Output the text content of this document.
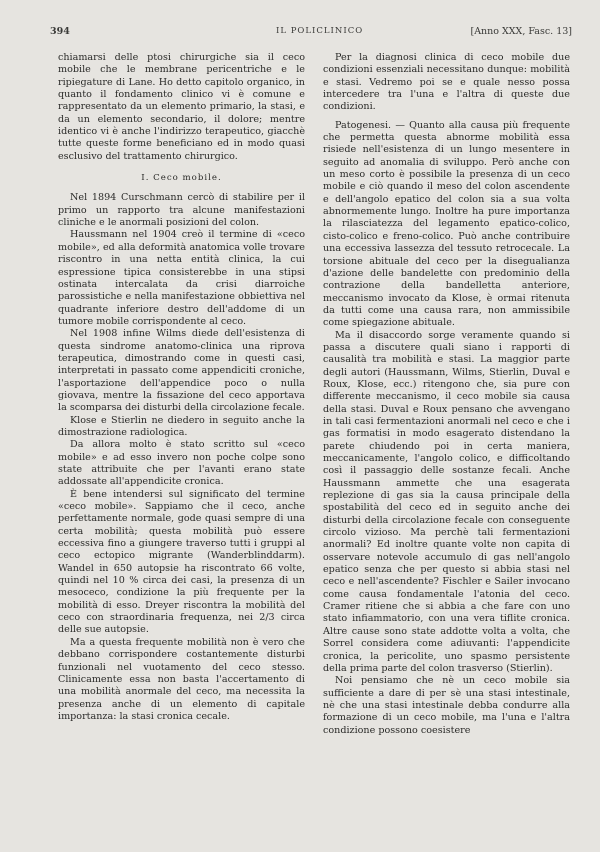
394	IL POLICLINICO	[Anno XXX, Fasc. 13]

chiamarsi delle ptosi chirurgiche sia il ceco mobile che le membrane pericentriche e le ripiegature di Lane. Ho detto capitolo organico, in quanto il fondamento clinico vi è comune e rappresentato da un elemento primario, la stasi, e da un elemento secondario, il dolore; mentre identico vi è anche l'indirizzo terapeutico, giacchè tutte queste forme beneficiano ed in modo quasi esclusivo del trattamento chirurgico.

I. Ceco mobile.

Nel 1894 Curschmann cercò di stabilire per il primo un rapporto tra alcune manifestazioni cliniche e le anormali posizioni del colon.

Haussmann nel 1904 creò il termine di «ceco mobile», ed alla deformità anatomica volle trovare riscontro in una netta entità clinica, la cui espressione tipica consisterebbe in una stipsi ostinata intercalata da crisi diarroiche parossistiche e nella manifestazione obbiettiva nel quadrante inferiore destro dell'addome di un tumore mobile corrispondente al ceco.

Nel 1908 infine Wilms diede dell'esistenza di questa sindrome anatomo-clinica una riprova terapeutica, dimostrando come in questi casi, interpretati in passato come appendiciti croniche, l'asportazione dell'appendice poco o nulla giovava, mentre la fissazione del ceco apportava la scomparsa dei disturbi della circolazione fecale.

Klose e Stierlin ne diedero in seguito anche la dimostrazione radiologica.

Da allora molto è stato scritto sul «ceco mobile» e ad esso invero non poche colpe sono state attribuite che per l'avanti erano state addossate all'appendicite cronica.

È bene intendersi sul significato del termine «ceco mobile». Sappiamo che il ceco, anche perfettamente normale, gode quasi sempre di una certa mobilità; questa mobilità può essere eccessiva fino a giungere traverso tutti i gruppi al ceco ectopico migrante (Wanderblinddarm). Wandel in 650 autopsie ha riscontrato 66 volte, quindi nel 10 % circa dei casi, la presenza di un mesoceco, condizione la più frequente per la mobilità di esso. Dreyer riscontra la mobilità del ceco con straordinaria frequenza, nei 2/3 circa delle sue autopsie.

Ma a questa frequente mobilità non è vero che debbano corrispondere costantemente disturbi funzionali nel vuotamento del ceco stesso. Clinicamente essa non basta l'accertamento di una mobilità anormale del ceco, ma necessita la presenza anche di un elemento di capitale importanza: la stasi cronica cecale.

Per la diagnosi clinica di ceco mobile due condizioni essenziali necessitano dunque: mobilità e stasi. Vedremo poi se e quale nesso possa intercedere tra l'una e l'altra di queste due condizioni.

Patogenesi. — Quanto alla causa più frequente che permetta questa abnorme mobilità essa risiede nell'esistenza di un lungo mesentere in seguito ad anomalia di sviluppo. Però anche con un meso corto è possibile la presenza di un ceco mobile e ciò quando il meso del colon ascendente e dell'angolo epatico del colon sia a sua volta abnormemente lungo. Inoltre ha pure importanza la rilasciatezza del legamento epatico-colico, cisto-colico e freno-colico. Può anche contribuire una eccessiva lassezza del tessuto retrocecale. La torsione abituale del ceco per la disegualianza d'azione delle bandelette con predominio della contrazione della bandelletta anteriore, meccanismo invocato da Klose, è ormai ritenuta da tutti come una causa rara, non ammissibile come spiegazione abituale.

Ma il disaccordo sorge veramente quando si passa a discutere quali siano i rapporti di causalità tra mobilità e stasi. La maggior parte degli autori (Haussmann, Wilms, Stierlin, Duval e Roux, Klose, ecc.) ritengono che, sia pure con differente meccanismo, il ceco mobile sia causa della stasi. Duval e Roux pensano che avvengano in tali casi fermentazioni anormali nel ceco e che i gas formatisi in modo esagerato distendano la parete chiudendo poi in certa maniera, meccanicamente, l'angolo colico, e difficoltando così il passaggio delle sostanze fecali. Anche Haussmann ammette che una esagerata replezione di gas sia la causa principale della spostabilità del ceco ed in seguito anche dei disturbi della circolazione fecale con conseguente circolo vizioso. Ma perchè tali fermentazioni anormali? Ed inoltre quante volte non capita di osservare notevole accumulo di gas nell'angolo epatico senza che per questo si abbia stasi nel ceco e nell'ascendente? Fischler e Sailer invocano come causa fondamentale l'atonia del ceco. Cramer ritiene che si abbia a che fare con uno stato infiammatorio, con una vera tiflite cronica. Altre cause sono state addotte volta a volta, che Sorrel considera come adiuvanti: l'appendicite cronica, la pericolite, uno spasmo persistente della prima parte del colon trasverso (Stierlin).

Noi pensiamo che nè un ceco mobile sia sufficiente a dare di per sè una stasi intestinale, nè che una stasi intestinale debba condurre alla formazione di un ceco mobile, ma l'una e l'altra condizione possono coesistere
